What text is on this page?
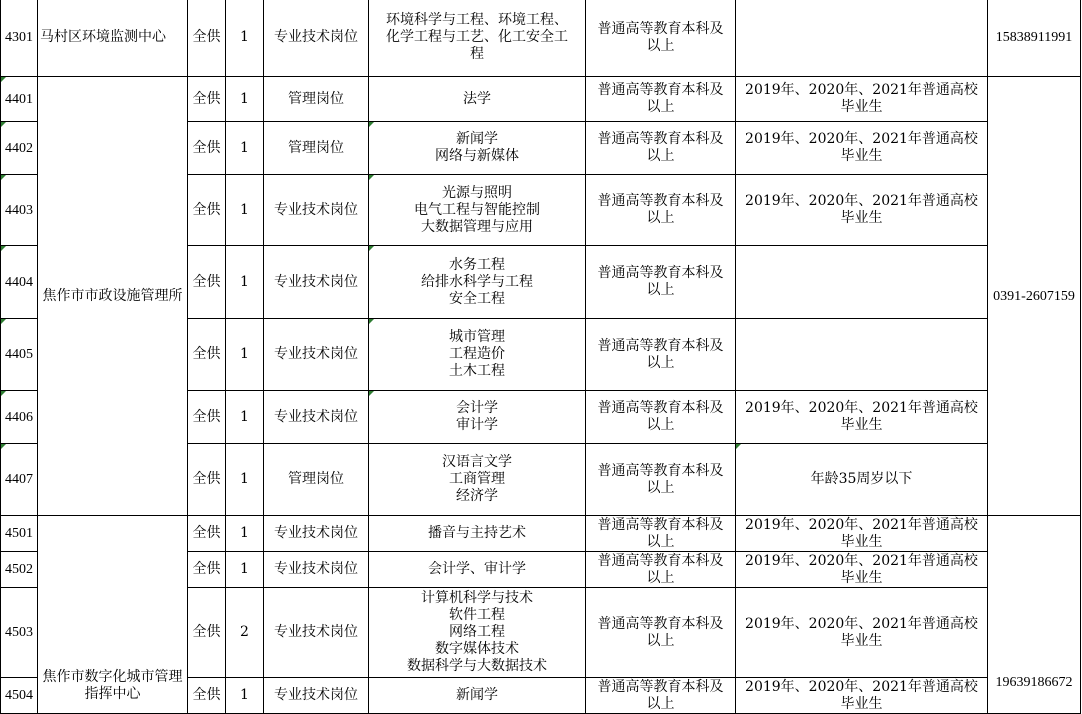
4301	马村区环境监测中心	全供	1	专业技术岗位	环境科学与工程、环境工程、
化学工程与工艺、化工安全工
程	普通高等教育本科及
以上		15838911991
4401	焦作市市政设施管理所	全供	1	管理岗位	法学	普通高等教育本科及
以上	2019年、2020年、2021年普通高校
毕业生	0391-2607159
4402		全供	1	管理岗位	新闻学
网络与新媒体	普通高等教育本科及
以上	2019年、2020年、2021年普通高校
毕业生	

4403		全供	1	专业技术岗位	光源与照明
电气工程与智能控制
大数据管理与应用	普通高等教育本科及
以上	2019年、2020年、2021年普通高校
毕业生	

4404		全供	1	专业技术岗位	水务工程
给排水科学与工程
安全工程	普通高等教育本科及
以上		

4405		全供	1	专业技术岗位	城市管理
工程造价
土木工程	普通高等教育本科及
以上		

4406		全供	1	专业技术岗位	会计学
审计学	普通高等教育本科及
以上	2019年、2020年、2021年普通高校
毕业生	

4407		全供	1	管理岗位	汉语言文学
工商管理
经济学	普通高等教育本科及
以上	年龄35周岁以下	

4501	焦作市数字化城市管理指挥中心	全供	1	专业技术岗位	播音与主持艺术	普通高等教育本科及
以上	2019年、2020年、2021年普通高校
毕业生	19639186672
4502		全供	1	专业技术岗位	会计学、审计学	普通高等教育本科及
以上	2019年、2020年、2021年普通高校
毕业生	

4503		全供	2	专业技术岗位	计算机科学与技术
软件工程
网络工程
数字媒体技术
数据科学与大数据技术	普通高等教育本科及
以上	2019年、2020年、2021年普通高校
毕业生	

4504		全供	1	专业技术岗位	新闻学	普通高等教育本科及
以上	2019年、2020年、2021年普通高校
毕业生	
